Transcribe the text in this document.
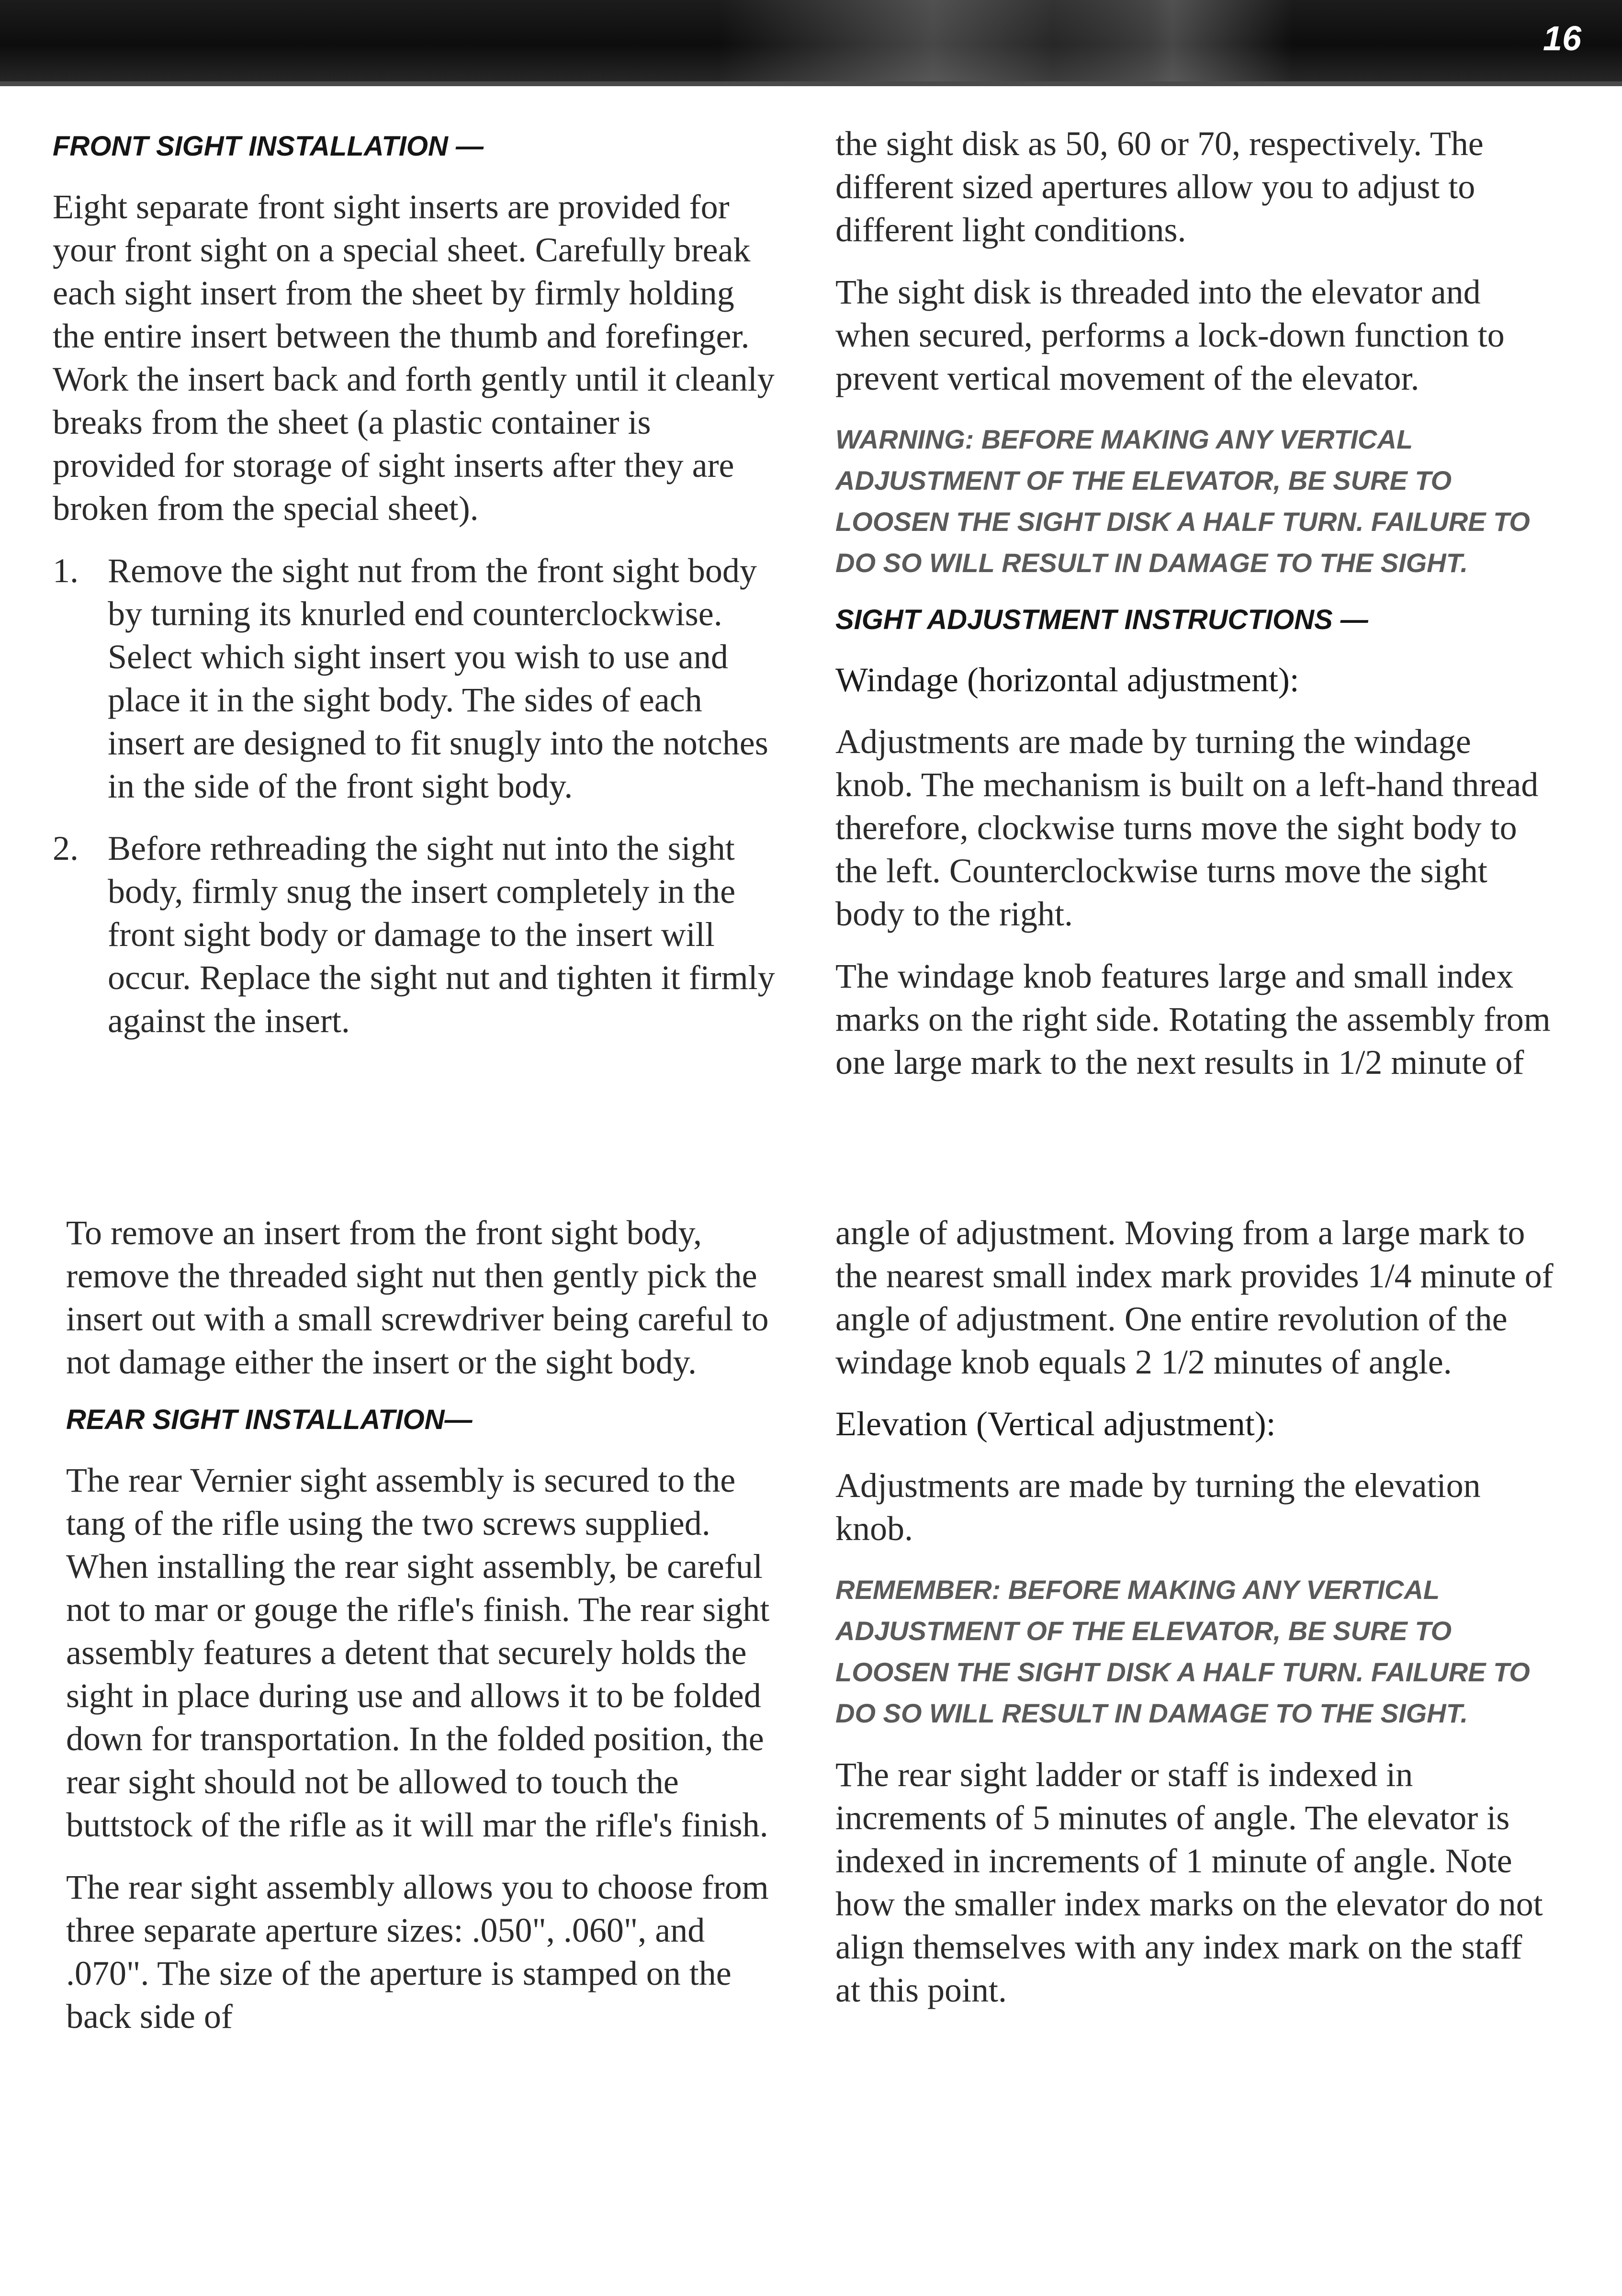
16

FRONT SIGHT INSTALLATION —

Eight separate front sight inserts are provided for your front sight on a special sheet. Carefully break each sight insert from the sheet by firmly holding the entire insert between the thumb and forefinger. Work the insert back and forth gently until it cleanly breaks from the sheet (a plastic container is provided for storage of sight inserts after they are broken from the special sheet).

1. Remove the sight nut from the front sight body by turning its knurled end counterclockwise. Select which sight insert you wish to use and place it in the sight body. The sides of each insert are designed to fit snugly into the notches in the side of the front sight body.

2. Before rethreading the sight nut into the sight body, firmly snug the insert completely in the front sight body or damage to the insert will occur. Replace the sight nut and tighten it firmly against the insert.

the sight disk as 50, 60 or 70, respectively. The different sized apertures allow you to adjust to different light conditions.

The sight disk is threaded into the elevator and when secured, performs a lock-down function to prevent vertical movement of the elevator.

WARNING: BEFORE MAKING ANY VERTICAL ADJUSTMENT OF THE ELEVATOR, BE SURE TO LOOSEN THE SIGHT DISK A HALF TURN. FAILURE TO DO SO WILL RESULT IN DAMAGE TO THE SIGHT.

SIGHT ADJUSTMENT INSTRUCTIONS —
Windage (horizontal adjustment):

Adjustments are made by turning the windage knob. The mechanism is built on a left-hand thread therefore, clockwise turns move the sight body to the left. Counterclockwise turns move the sight body to the right.

The windage knob features large and small index marks on the right side. Rotating the assembly from one large mark to the next results in 1/2 minute of

To remove an insert from the front sight body, remove the threaded sight nut then gently pick the insert out with a small screwdriver being careful to not damage either the insert or the sight body.

REAR SIGHT INSTALLATION—

The rear Vernier sight assembly is secured to the tang of the rifle using the two screws supplied. When installing the rear sight assembly, be careful not to mar or gouge the rifle's finish. The rear sight assembly features a detent that securely holds the sight in place during use and allows it to be folded down for transportation. In the folded position, the rear sight should not be allowed to touch the buttstock of the rifle as it will mar the rifle's finish.

The rear sight assembly allows you to choose from three separate aperture sizes: .050", .060", and .070". The size of the aperture is stamped on the back side of

angle of adjustment. Moving from a large mark to the nearest small index mark provides 1/4 minute of angle of adjustment. One entire revolution of the windage knob equals 2 1/2 minutes of angle.

Elevation (Vertical adjustment):

Adjustments are made by turning the elevation knob.

REMEMBER: BEFORE MAKING ANY VERTICAL ADJUSTMENT OF THE ELEVATOR, BE SURE TO LOOSEN THE SIGHT DISK A HALF TURN. FAILURE TO DO SO WILL RESULT IN DAMAGE TO THE SIGHT.

The rear sight ladder or staff is indexed in increments of 5 minutes of angle. The elevator is indexed in increments of 1 minute of angle. Note how the smaller index marks on the elevator do not align themselves with any index mark on the staff at this point.
